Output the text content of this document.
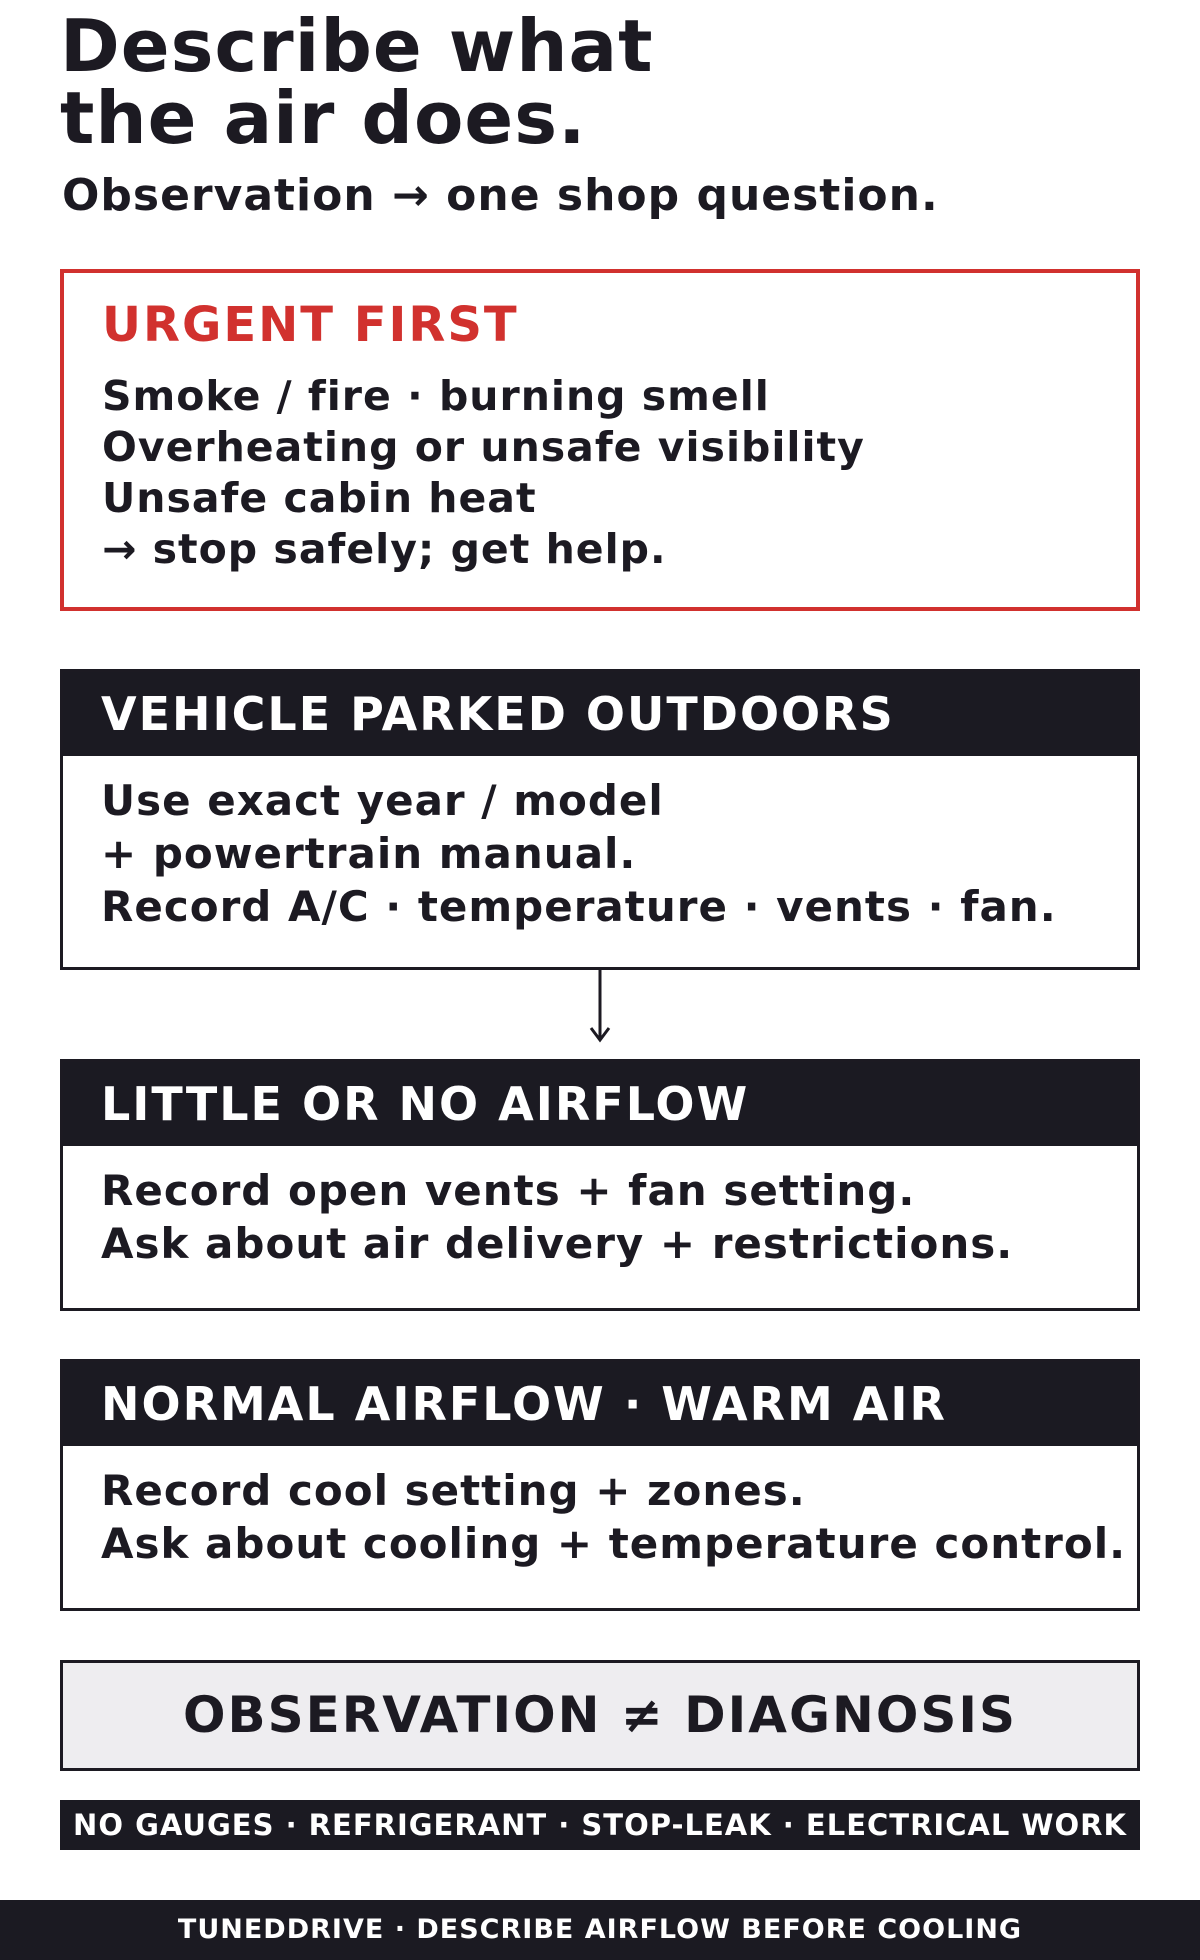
Describe what
the air does.
Observation → one shop question.
URGENT FIRST
Smoke / fire · burning smell
Overheating or unsafe visibility
Unsafe cabin heat
→ stop safely; get help.
VEHICLE PARKED OUTDOORS
Use exact year / model
+ powertrain manual.
Record A/C · temperature · vents · fan.
LITTLE OR NO AIRFLOW
Record open vents + fan setting.
Ask about air delivery + restrictions.
NORMAL AIRFLOW · WARM AIR
Record cool setting + zones.
Ask about cooling + temperature control.
OBSERVATION ≠ DIAGNOSIS
NO GAUGES · REFRIGERANT · STOP-LEAK · ELECTRICAL WORK
TUNEDDRIVE · DESCRIBE AIRFLOW BEFORE COOLING
